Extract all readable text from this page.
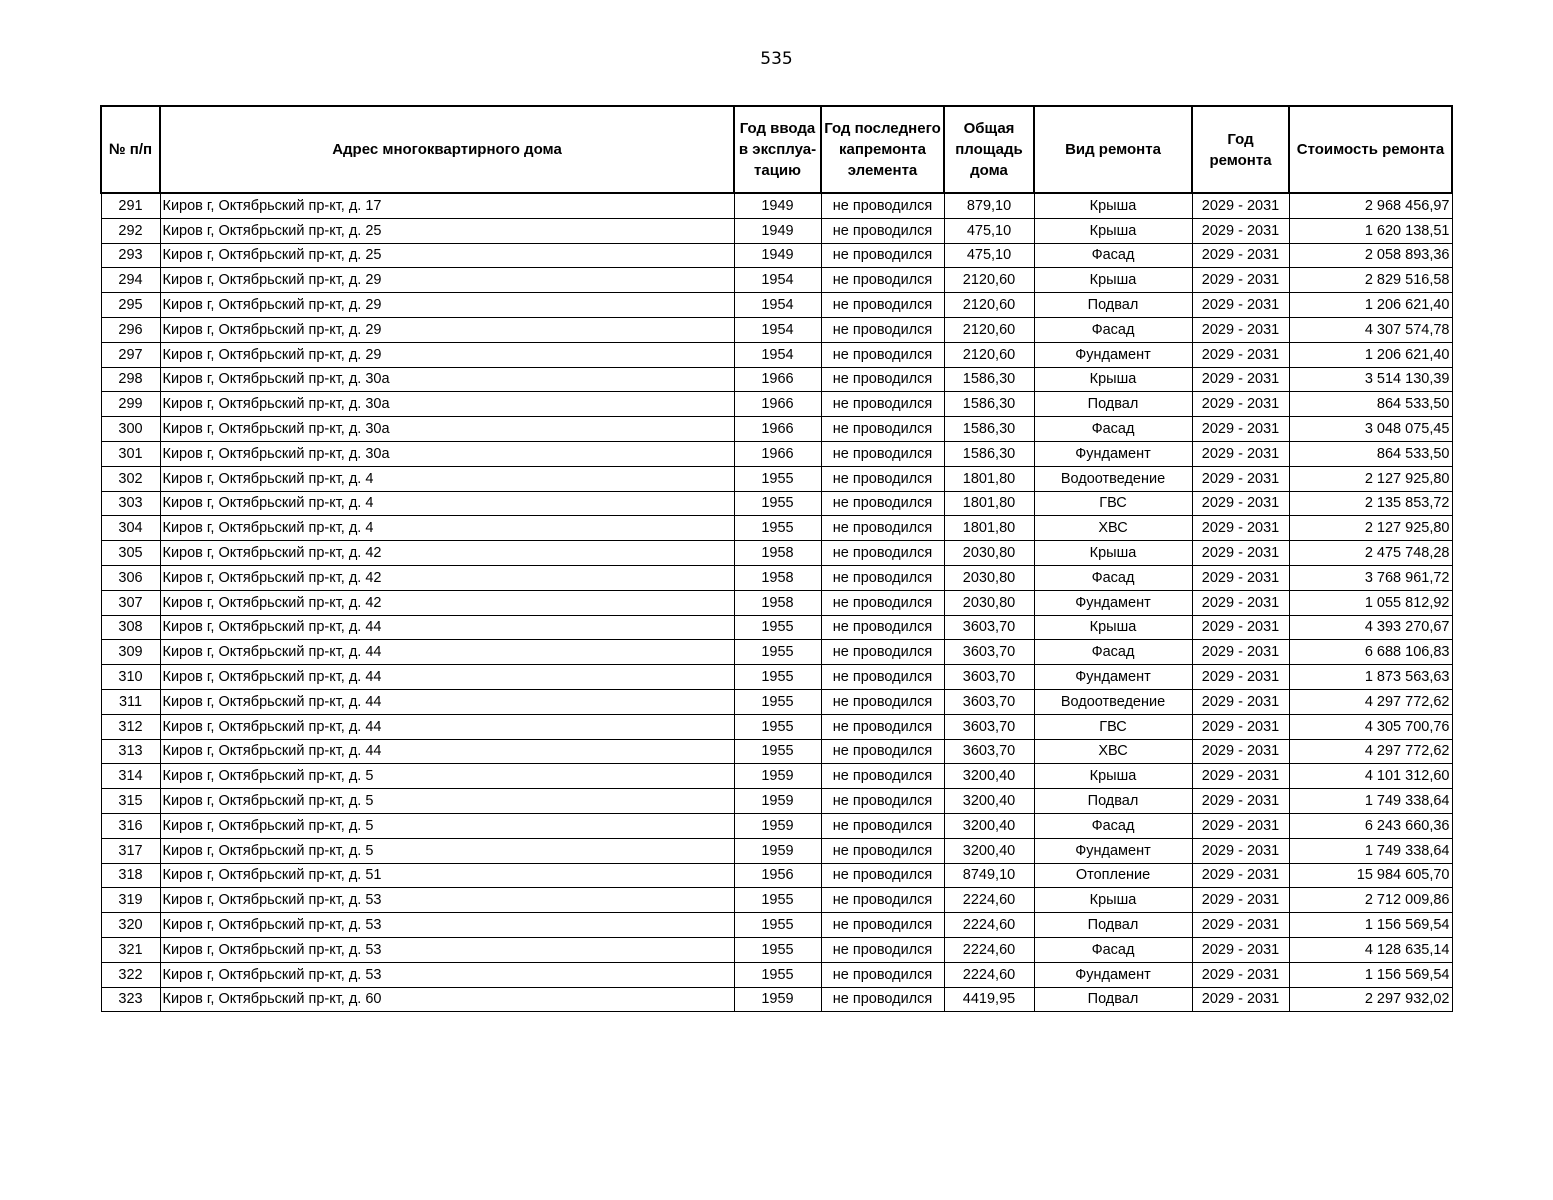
535
№ п/п	Адрес многоквартирного дома	Год ввода в эксплуа-тацию	Год последнего капремонта элемента	Общая площадь дома	Вид ремонта	Год ремонта	Стоимость ремонта
291	Киров г, Октябрьский пр-кт, д. 17	1949	не проводился	879,10	Крыша	2029 - 2031	2 968 456,97
292	Киров г, Октябрьский пр-кт, д. 25	1949	не проводился	475,10	Крыша	2029 - 2031	1 620 138,51
293	Киров г, Октябрьский пр-кт, д. 25	1949	не проводился	475,10	Фасад	2029 - 2031	2 058 893,36
294	Киров г, Октябрьский пр-кт, д. 29	1954	не проводился	2120,60	Крыша	2029 - 2031	2 829 516,58
295	Киров г, Октябрьский пр-кт, д. 29	1954	не проводился	2120,60	Подвал	2029 - 2031	1 206 621,40
296	Киров г, Октябрьский пр-кт, д. 29	1954	не проводился	2120,60	Фасад	2029 - 2031	4 307 574,78
297	Киров г, Октябрьский пр-кт, д. 29	1954	не проводился	2120,60	Фундамент	2029 - 2031	1 206 621,40
298	Киров г, Октябрьский пр-кт, д. 30а	1966	не проводился	1586,30	Крыша	2029 - 2031	3 514 130,39
299	Киров г, Октябрьский пр-кт, д. 30а	1966	не проводился	1586,30	Подвал	2029 - 2031	864 533,50
300	Киров г, Октябрьский пр-кт, д. 30а	1966	не проводился	1586,30	Фасад	2029 - 2031	3 048 075,45
301	Киров г, Октябрьский пр-кт, д. 30а	1966	не проводился	1586,30	Фундамент	2029 - 2031	864 533,50
302	Киров г, Октябрьский пр-кт, д. 4	1955	не проводился	1801,80	Водоотведение	2029 - 2031	2 127 925,80
303	Киров г, Октябрьский пр-кт, д. 4	1955	не проводился	1801,80	ГВС	2029 - 2031	2 135 853,72
304	Киров г, Октябрьский пр-кт, д. 4	1955	не проводился	1801,80	ХВС	2029 - 2031	2 127 925,80
305	Киров г, Октябрьский пр-кт, д. 42	1958	не проводился	2030,80	Крыша	2029 - 2031	2 475 748,28
306	Киров г, Октябрьский пр-кт, д. 42	1958	не проводился	2030,80	Фасад	2029 - 2031	3 768 961,72
307	Киров г, Октябрьский пр-кт, д. 42	1958	не проводился	2030,80	Фундамент	2029 - 2031	1 055 812,92
308	Киров г, Октябрьский пр-кт, д. 44	1955	не проводился	3603,70	Крыша	2029 - 2031	4 393 270,67
309	Киров г, Октябрьский пр-кт, д. 44	1955	не проводился	3603,70	Фасад	2029 - 2031	6 688 106,83
310	Киров г, Октябрьский пр-кт, д. 44	1955	не проводился	3603,70	Фундамент	2029 - 2031	1 873 563,63
311	Киров г, Октябрьский пр-кт, д. 44	1955	не проводился	3603,70	Водоотведение	2029 - 2031	4 297 772,62
312	Киров г, Октябрьский пр-кт, д. 44	1955	не проводился	3603,70	ГВС	2029 - 2031	4 305 700,76
313	Киров г, Октябрьский пр-кт, д. 44	1955	не проводился	3603,70	ХВС	2029 - 2031	4 297 772,62
314	Киров г, Октябрьский пр-кт, д. 5	1959	не проводился	3200,40	Крыша	2029 - 2031	4 101 312,60
315	Киров г, Октябрьский пр-кт, д. 5	1959	не проводился	3200,40	Подвал	2029 - 2031	1 749 338,64
316	Киров г, Октябрьский пр-кт, д. 5	1959	не проводился	3200,40	Фасад	2029 - 2031	6 243 660,36
317	Киров г, Октябрьский пр-кт, д. 5	1959	не проводился	3200,40	Фундамент	2029 - 2031	1 749 338,64
318	Киров г, Октябрьский пр-кт, д. 51	1956	не проводился	8749,10	Отопление	2029 - 2031	15 984 605,70
319	Киров г, Октябрьский пр-кт, д. 53	1955	не проводился	2224,60	Крыша	2029 - 2031	2 712 009,86
320	Киров г, Октябрьский пр-кт, д. 53	1955	не проводился	2224,60	Подвал	2029 - 2031	1 156 569,54
321	Киров г, Октябрьский пр-кт, д. 53	1955	не проводился	2224,60	Фасад	2029 - 2031	4 128 635,14
322	Киров г, Октябрьский пр-кт, д. 53	1955	не проводился	2224,60	Фундамент	2029 - 2031	1 156 569,54
323	Киров г, Октябрьский пр-кт, д. 60	1959	не проводился	4419,95	Подвал	2029 - 2031	2 297 932,02
